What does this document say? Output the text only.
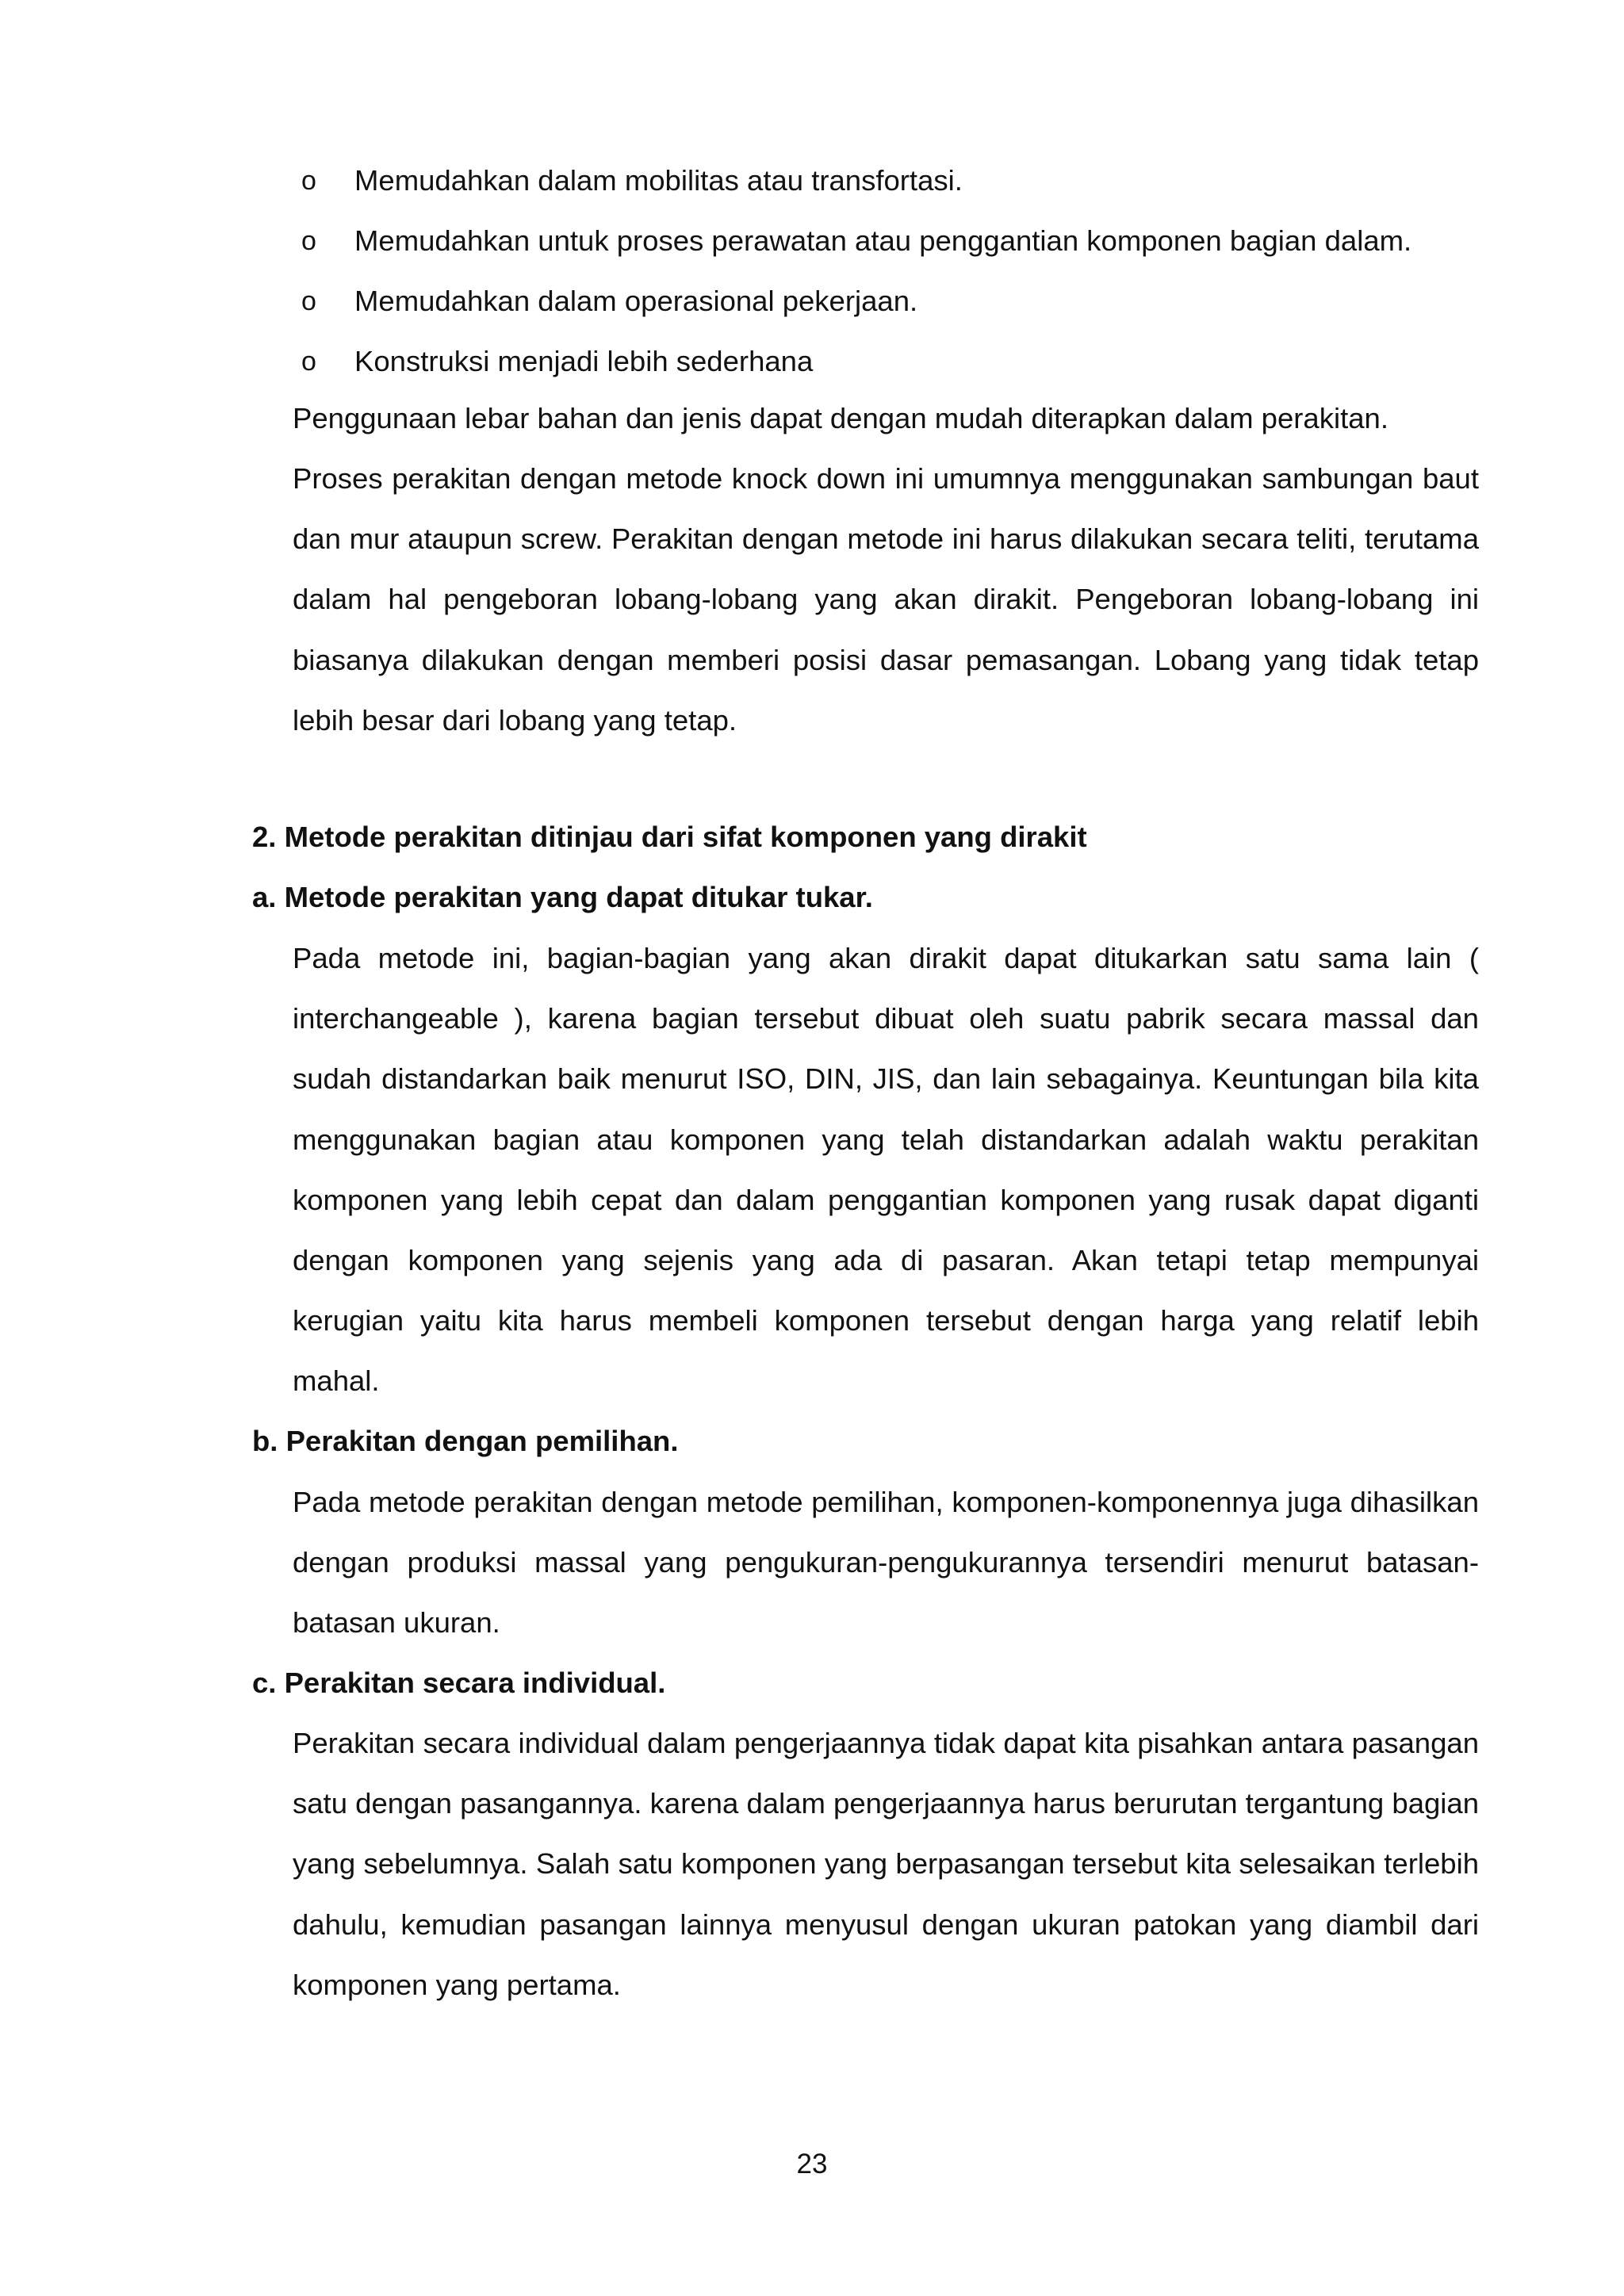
o Memudahkan dalam mobilitas atau transfortasi.
o Memudahkan untuk proses perawatan atau penggantian komponen bagian dalam.
o Memudahkan dalam operasional pekerjaan.
o Konstruksi menjadi lebih sederhana

Penggunaan lebar bahan dan jenis dapat dengan mudah diterapkan dalam perakitan.

Proses perakitan dengan metode knock down ini umumnya menggunakan sambungan baut dan mur ataupun screw. Perakitan dengan metode ini harus dilakukan secara teliti, terutama dalam hal pengeboran lobang-lobang yang akan dirakit. Pengeboran lobang-lobang ini biasanya dilakukan dengan memberi posisi dasar pemasangan. Lobang yang tidak tetap lebih besar dari lobang yang tetap.

2. Metode perakitan ditinjau dari sifat komponen yang dirakit

a. Metode perakitan yang dapat ditukar tukar.

Pada metode ini, bagian-bagian yang akan dirakit dapat ditukarkan satu sama lain ( interchangeable ), karena bagian tersebut dibuat oleh suatu pabrik secara massal dan sudah distandarkan baik menurut ISO, DIN, JIS, dan lain sebagainya. Keuntungan bila kita menggunakan bagian atau komponen yang telah distandarkan adalah waktu perakitan komponen yang lebih cepat dan dalam penggantian komponen yang rusak dapat diganti dengan komponen yang sejenis yang ada di pasaran. Akan tetapi tetap mempunyai kerugian yaitu kita harus membeli komponen tersebut dengan harga yang relatif lebih mahal.

b. Perakitan dengan pemilihan.

Pada metode perakitan dengan metode pemilihan, komponen-komponennya juga dihasilkan dengan produksi massal yang pengukuran-pengukurannya tersendiri menurut batasan-batasan ukuran.

c. Perakitan secara individual.

Perakitan secara individual dalam pengerjaannya tidak dapat kita pisahkan antara pasangan satu dengan pasangannya. karena dalam pengerjaannya harus berurutan tergantung bagian yang sebelumnya. Salah satu komponen yang berpasangan tersebut kita selesaikan terlebih dahulu, kemudian pasangan lainnya menyusul dengan ukuran patokan yang diambil dari komponen yang pertama.

23
